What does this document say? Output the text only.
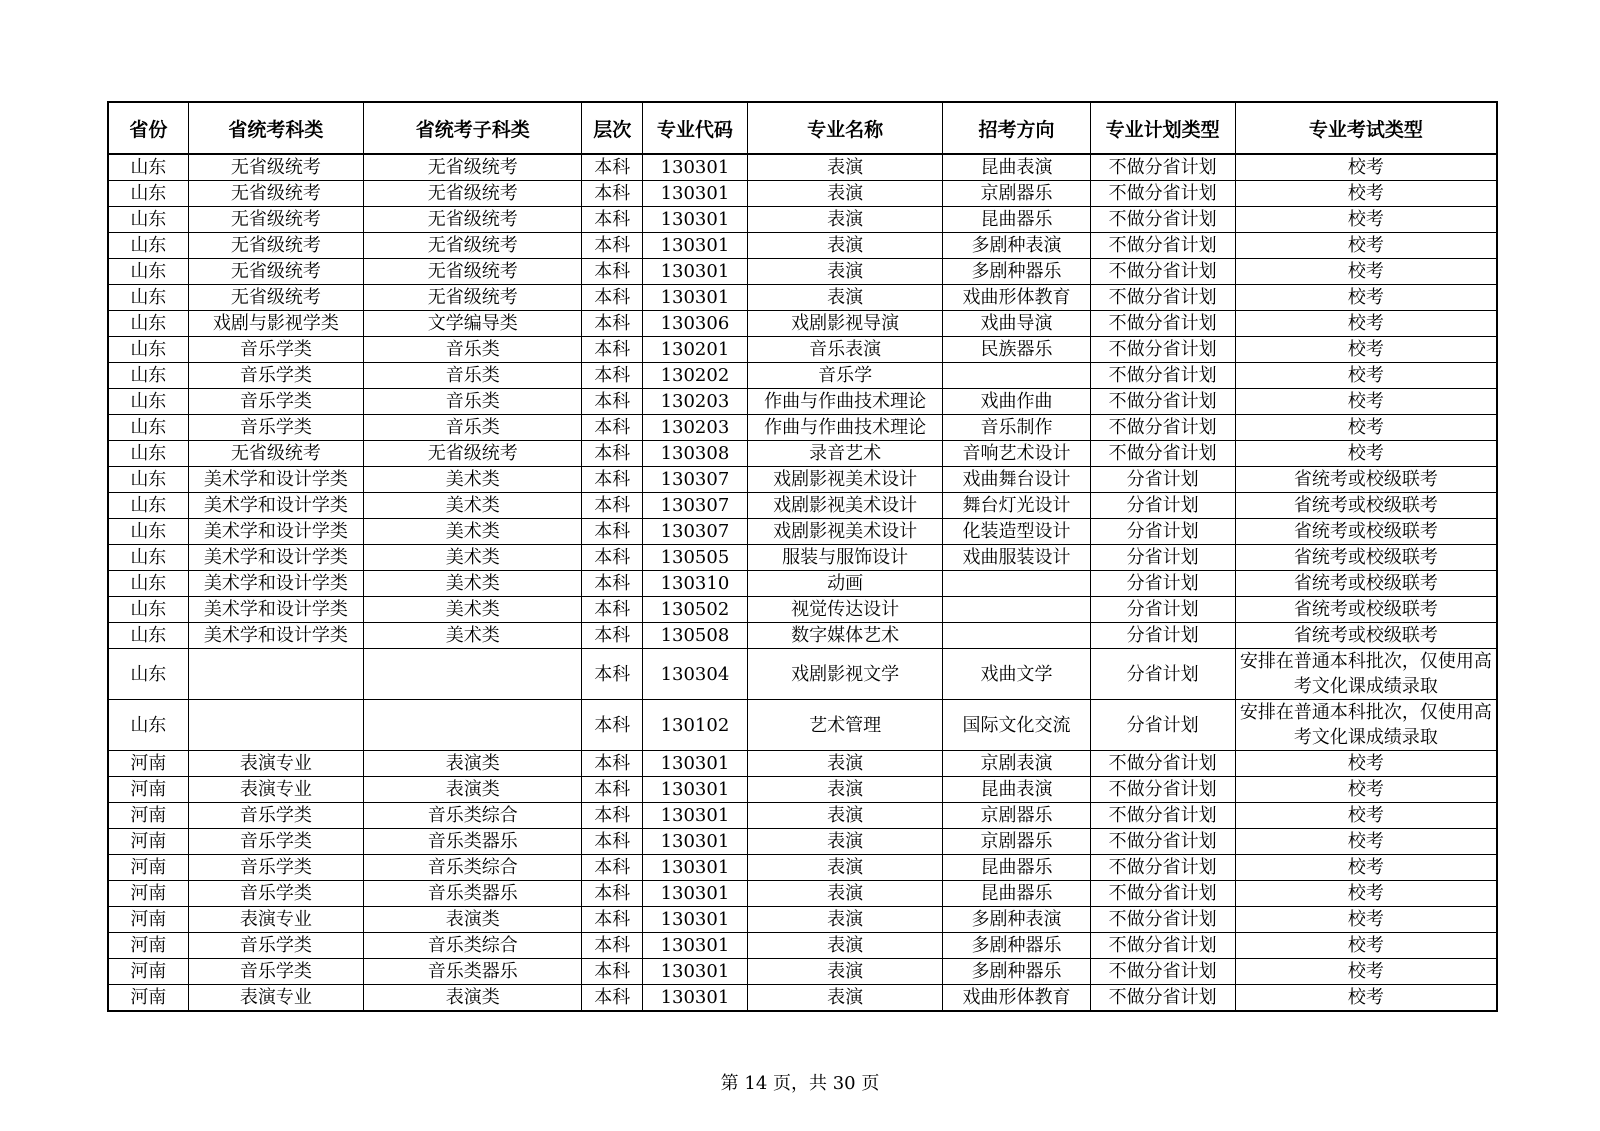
省份	省统考科类	省统考子科类	层次	专业代码	专业名称	招考方向	专业计划类型	专业考试类型
山东	无省级统考	无省级统考	本科	130301	表演	昆曲表演	不做分省计划	校考
山东	无省级统考	无省级统考	本科	130301	表演	京剧器乐	不做分省计划	校考
山东	无省级统考	无省级统考	本科	130301	表演	昆曲器乐	不做分省计划	校考
山东	无省级统考	无省级统考	本科	130301	表演	多剧种表演	不做分省计划	校考
山东	无省级统考	无省级统考	本科	130301	表演	多剧种器乐	不做分省计划	校考
山东	无省级统考	无省级统考	本科	130301	表演	戏曲形体教育	不做分省计划	校考
山东	戏剧与影视学类	文学编导类	本科	130306	戏剧影视导演	戏曲导演	不做分省计划	校考
山东	音乐学类	音乐类	本科	130201	音乐表演	民族器乐	不做分省计划	校考
山东	音乐学类	音乐类	本科	130202	音乐学		不做分省计划	校考
山东	音乐学类	音乐类	本科	130203	作曲与作曲技术理论	戏曲作曲	不做分省计划	校考
山东	音乐学类	音乐类	本科	130203	作曲与作曲技术理论	音乐制作	不做分省计划	校考
山东	无省级统考	无省级统考	本科	130308	录音艺术	音响艺术设计	不做分省计划	校考
山东	美术学和设计学类	美术类	本科	130307	戏剧影视美术设计	戏曲舞台设计	分省计划	省统考或校级联考
山东	美术学和设计学类	美术类	本科	130307	戏剧影视美术设计	舞台灯光设计	分省计划	省统考或校级联考
山东	美术学和设计学类	美术类	本科	130307	戏剧影视美术设计	化装造型设计	分省计划	省统考或校级联考
山东	美术学和设计学类	美术类	本科	130505	服装与服饰设计	戏曲服装设计	分省计划	省统考或校级联考
山东	美术学和设计学类	美术类	本科	130310	动画		分省计划	省统考或校级联考
山东	美术学和设计学类	美术类	本科	130502	视觉传达设计		分省计划	省统考或校级联考
山东	美术学和设计学类	美术类	本科	130508	数字媒体艺术		分省计划	省统考或校级联考
山东			本科	130304	戏剧影视文学	戏曲文学	分省计划	安排在普通本科批次，仅使用高考文化课成绩录取
山东			本科	130102	艺术管理	国际文化交流	分省计划	安排在普通本科批次，仅使用高考文化课成绩录取
河南	表演专业	表演类	本科	130301	表演	京剧表演	不做分省计划	校考
河南	表演专业	表演类	本科	130301	表演	昆曲表演	不做分省计划	校考
河南	音乐学类	音乐类综合	本科	130301	表演	京剧器乐	不做分省计划	校考
河南	音乐学类	音乐类器乐	本科	130301	表演	京剧器乐	不做分省计划	校考
河南	音乐学类	音乐类综合	本科	130301	表演	昆曲器乐	不做分省计划	校考
河南	音乐学类	音乐类器乐	本科	130301	表演	昆曲器乐	不做分省计划	校考
河南	表演专业	表演类	本科	130301	表演	多剧种表演	不做分省计划	校考
河南	音乐学类	音乐类综合	本科	130301	表演	多剧种器乐	不做分省计划	校考
河南	音乐学类	音乐类器乐	本科	130301	表演	多剧种器乐	不做分省计划	校考
河南	表演专业	表演类	本科	130301	表演	戏曲形体教育	不做分省计划	校考
第 14 页，共 30 页
